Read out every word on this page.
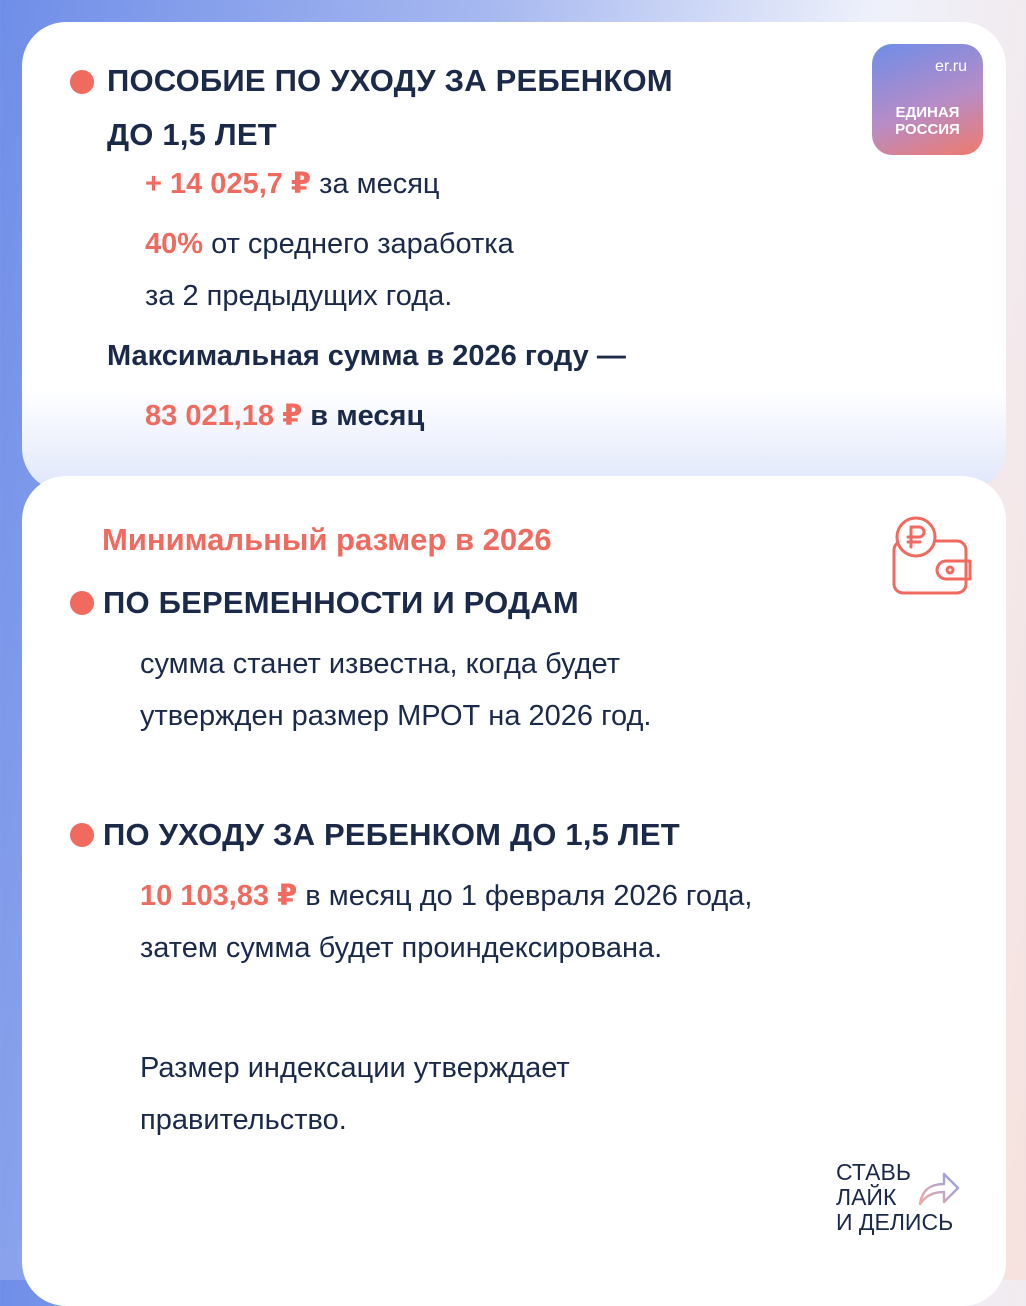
er.ru
ЕДИНАЯ
РОССИЯ
ПОСОБИЕ ПО УХОДУ ЗА РЕБЕНКОМ
ДО 1,5 ЛЕТ
+ 14 025,7 ₽ за месяц
40% от среднего заработка
за 2 предыдущих года.
Максимальная сумма в 2026 году —
83 021,18 ₽ в месяц
Минимальный размер в 2026
ПО БЕРЕМЕННОСТИ И РОДАМ
сумма станет известна, когда будет
утвержден размер МРОТ на 2026 год.
ПО УХОДУ ЗА РЕБЕНКОМ ДО 1,5 ЛЕТ
10 103,83 ₽ в месяц до 1 февраля 2026 года,
затем сумма будет проиндексирована.
Размер индексации утверждает
правительство.
СТАВЬ
ЛАЙК
И ДЕЛИСЬ
